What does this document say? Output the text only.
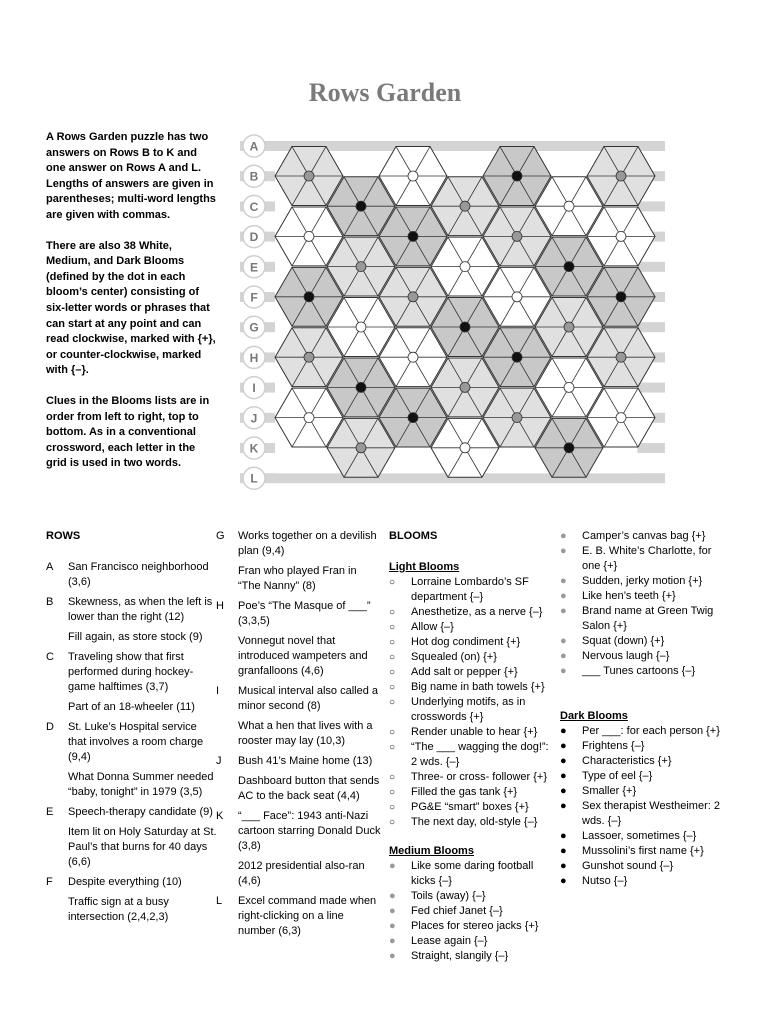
Rows Garden

A Rows Garden puzzle has two answers on Rows B to K and one answer on Rows A and L. Lengths of answers are given in parentheses; multi-word lengths are given with commas.

There are also 38 White, Medium, and Dark Blooms (defined by the dot in each bloom’s center) consisting of six-letter words or phrases that can start at any point and can read clockwise, marked with {+}, or counter-clockwise, marked with {–}.

Clues in the Blooms lists are in order from left to right, top to bottom. As in a conventional crossword, each letter in the grid is used in two words.

A
B
C
D
E
F
G
H
I
J
K
L
ROWS
A	San Francisco neighborhood (3,6)
B	Skewness, as when the left is lower than the right (12)
Fill again, as store stock (9)
C	Traveling show that first performed during hockey-game halftimes (3,7)
Part of an 18-wheeler (11)
D	St. Luke’s Hospital service that involves a room charge (9,4)
What Donna Summer needed “baby, tonight” in 1979 (3,5)
E	Speech-therapy candidate (9)
Item lit on Holy Saturday at St. Paul’s that burns for 40 days (6,6)
F	Despite everything (10)
Traffic sign at a busy intersection (2,4,2,3)
G	Works together on a devilish plan (9,4)
Fran who played Fran in “The Nanny” (8)
H	Poe’s “The Masque of ___” (3,3,5)
Vonnegut novel that introduced wampeters and granfalloons (4,6)
I	Musical interval also called a minor second (8)
What a hen that lives with a rooster may lay (10,3)
J	Bush 41’s Maine home (13)
Dashboard button that sends AC to the back seat (4,4)
K	“___ Face”: 1943 anti-Nazi cartoon starring Donald Duck (3,8)
2012 presidential also-ran (4,6)
L	Excel command made when right-clicking on a line number (6,3)
BLOOMS
Light Blooms
○	Lorraine Lombardo’s SF department {–}
○	Anesthetize, as a nerve {–}
○	Allow {–}
○	Hot dog condiment {+}
○	Squealed (on) {+}
○	Add salt or pepper {+}
○	Big name in bath towels {+}
○	Underlying motifs, as in crosswords {+}
○	Render unable to hear {+}
○	“The ___ wagging the dog!”: 2 wds. {–}
○	Three- or cross- follower {+}
○	Filled the gas tank {+}
○	PG&E “smart” boxes {+}
○	The next day, old-style {–}
Medium Blooms
●	Like some daring football kicks {–}
●	Toils (away) {–}
●	Fed chief Janet {–}
●	Places for stereo jacks {+}
●	Lease again {–}
●	Straight, slangily {–}
●	Camper’s canvas bag {+}
●	E. B. White’s Charlotte, for one {+}
●	Sudden, jerky motion {+}
●	Like hen’s teeth {+}
●	Brand name at Green Twig Salon {+}
●	Squat (down) {+}
●	Nervous laugh {–}
●	___ Tunes cartoons {–}
Dark Blooms
●	Per ___: for each person {+}
●	Frightens {–}
●	Characteristics {+}
●	Type of eel {–}
●	Smaller {+}
●	Sex therapist Westheimer: 2 wds. {–}
●	Lassoer, sometimes {–}
●	Mussolini’s first name {+}
●	Gunshot sound {–}
●	Nutso {–}
